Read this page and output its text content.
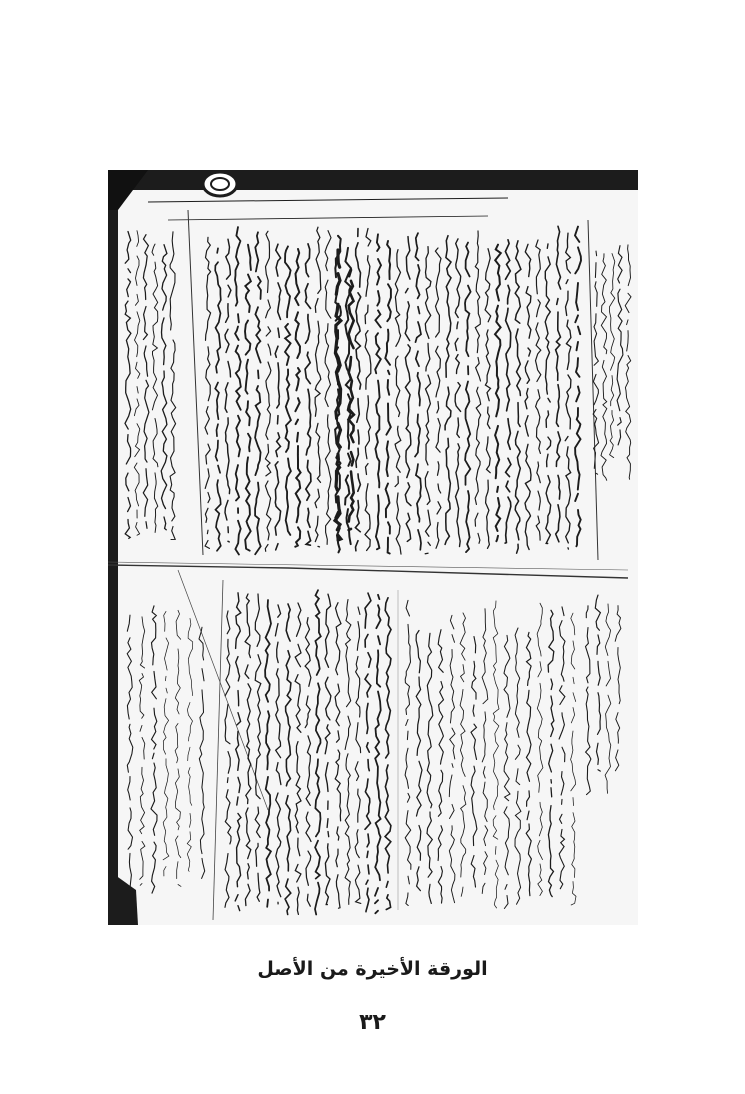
الورقة الأخيرة من الأصل
٣٢
